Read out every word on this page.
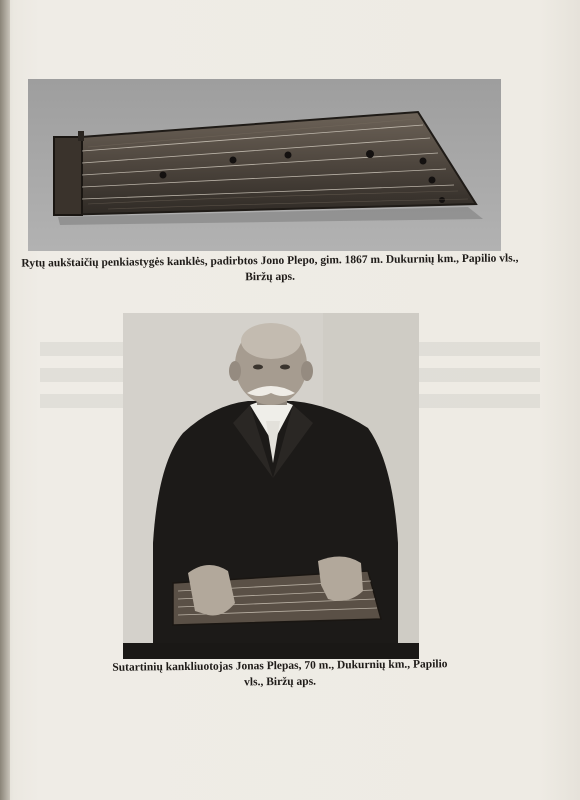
Rytų aukštaičių penkiastygės kanklės, padirbtos Jono Plepo, gim. 1867 m. Dukurnių km., Papilio vls., Biržų aps.
Sutartinių kankliuotojas Jonas Plepas, 70 m., Dukurnių km., Papilio vls., Biržų aps.
